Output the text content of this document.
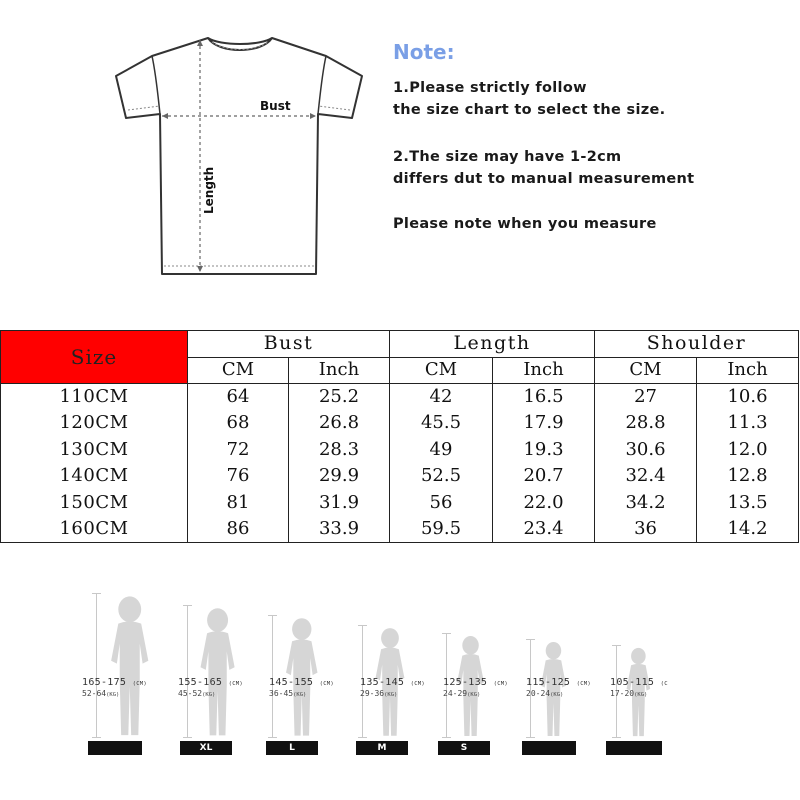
Bust
Length
Note:
1.Please strictly follow
the size chart to select the size.
2.The size may have 1-2cm
differs dut to manual measurement
Please note when you measure
Size	Bust		Length		Shoulder	
	CM	Inch	CM	Inch	CM	Inch
110CM	64	25.2	42	16.5	27	10.6
120CM	68	26.8	45.5	17.9	28.8	11.3
130CM	72	28.3	49	19.3	30.6	12.0
140CM	76	29.9	52.5	20.7	32.4	12.8
150CM	81	31.9	56	22.0	34.2	13.5
160CM	86	33.9	59.5	23.4	36	14.2
165-175 (CM)
52-64(KG)
155-165 (CM)
45-52(KG)
XL
145-155 (CM)
36-45(KG)
L
135-145 (CM)
29-36(KG)
M
125-135 (CM)
24-29(KG)
S
115-125 (CM)
20-24(KG)
105-115 (C
17-20(KG)
